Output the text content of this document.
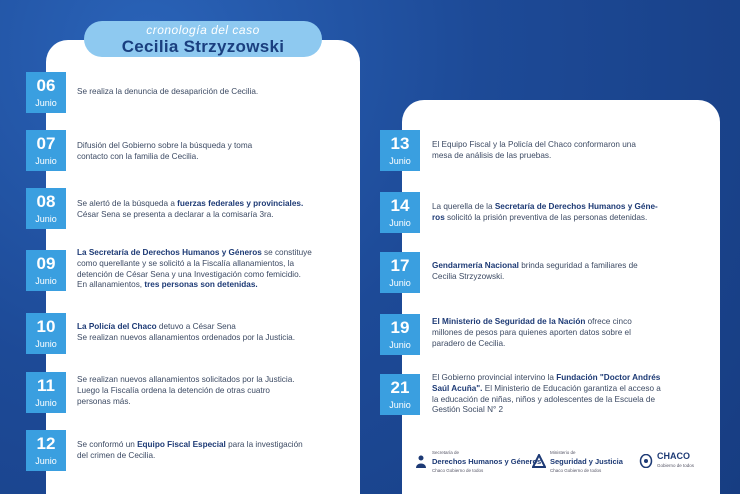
cronología del caso
Cecilia Strzyzowski
06
Junio
Se realiza la denuncia de desaparición de Cecilia.
07
Junio
Difusión del Gobierno sobre la búsqueda y toma
contacto con la familia de Cecilia.
08
Junio
Se alertó de la búsqueda a fuerzas federales y provinciales.
César Sena se presenta a declarar a la comisaría 3ra.
09
Junio
La Secretaría de Derechos Humanos y Géneros se constituye
como querellante y se solicitó a la Fiscalía allanamientos, la
detención de César Sena y una Investigación como femicidio.
En allanamientos, tres personas son detenidas.
10
Junio
La Policía del Chaco detuvo a César Sena
Se realizan nuevos allanamientos ordenados por la Justicia.
11
Junio
Se realizan nuevos allanamientos solicitados por la Justicia.
Luego la Fiscalía ordena la detención de otras cuatro
personas más.
12
Junio
Se conformó un Equipo Fiscal Especial para la investigación
del crimen de Cecilia.
13
Junio
El Equipo Fiscal y la Policía del Chaco conformaron una
mesa de análisis de las pruebas.
14
Junio
La querella de la Secretaría de Derechos Humanos y Géne-
ros solicitó la prisión preventiva de las personas detenidas.
17
Junio
Gendarmería Nacional brinda seguridad a familiares de
Cecilia Strzyzowski.
19
Junio
El Ministerio de Seguridad de la Nación ofrece cinco
millones de pesos para quienes aporten datos sobre el
paradero de Cecilia.
21
Junio
El Gobierno provincial intervino la Fundación "Doctor Andrés
Saúl Acuña". El Ministerio de Educación garantiza el acceso a
la educación de niñas, niños y adolescentes de la Escuela de
Gestión Social N° 2
Secretaría de
Derechos Humanos y Géneros
Chaco Gobierno de todos
Ministerio de
Seguridad y Justicia
Chaco Gobierno de todos
CHACO
Gobierno de todos
